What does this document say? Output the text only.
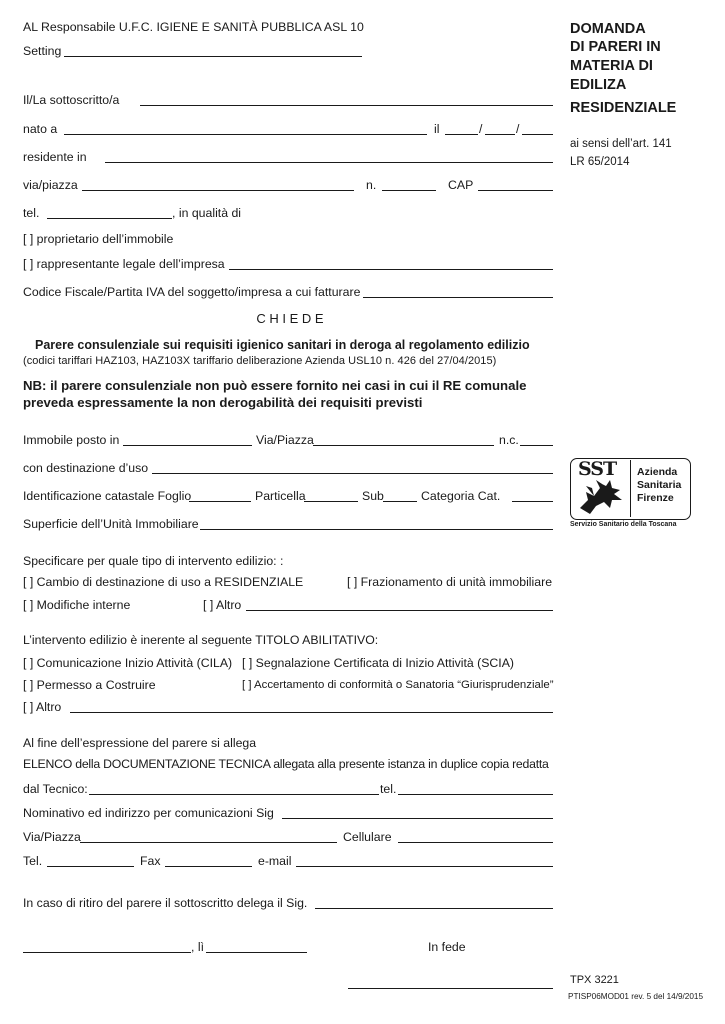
AL Responsabile U.F.C. IGIENE E SANITÀ PUBBLICA ASL 10
Setting
DOMANDA
DI PARERI IN
MATERIA DI
EDILIZA
RESIDENZIALE
ai sensi dell’art. 141
LR 65/2014
SST Azienda
Sanitaria
Firenze
Servizio Sanitario della Toscana
Il/La sottoscritto/a
nato a	il	/	/
residente in
via/piazza	n.	CAP
tel.	, in qualità di
[ ] proprietario dell’immobile
[ ] rappresentante legale dell’impresa
Codice Fiscale/Partita IVA del soggetto/impresa a cui fatturare
C H I E D E
Parere consulenziale sui requisiti igienico sanitari in deroga al regolamento edilizio
(codici tariffari HAZ103, HAZ103X tariffario deliberazione Azienda USL10 n. 426 del 27/04/2015)
NB: il parere consulenziale non può essere fornito nei casi in cui il RE comunale
preveda espressamente la non derogabilità dei requisiti previsti
Immobile posto in	Via/Piazza	n.c.
con destinazione d’uso
Identificazione catastale Foglio	Particella	Sub	Categoria Cat.
Superficie dell’Unità Immobiliare
Specificare per quale tipo di intervento edilizio: :
[ ] Cambio di destinazione di uso a RESIDENZIALE	[ ] Frazionamento di unità immobiliare
[ ] Modifiche interne	[ ] Altro
L’intervento edilizio è inerente al seguente TITOLO ABILITATIVO:
[ ] Comunicazione Inizio Attività (CILA) [ ] Segnalazione Certificata di Inizio Attività (SCIA)
[ ] Permesso a Costruire	[ ] Accertamento di conformità o Sanatoria “Giurisprudenziale”
[ ] Altro
Al fine dell’espressione del parere si allega
ELENCO della DOCUMENTAZIONE TECNICA allegata alla presente istanza in duplice copia redatta
dal Tecnico:	tel.
Nominativo ed indirizzo per comunicazioni Sig
Via/Piazza	Cellulare
Tel.	Fax	e-mail
In caso di ritiro del parere il sottoscritto delega il Sig.
, lì	In fede
TPX 3221
PTISP06MOD01 rev. 5 del 14/9/2015
